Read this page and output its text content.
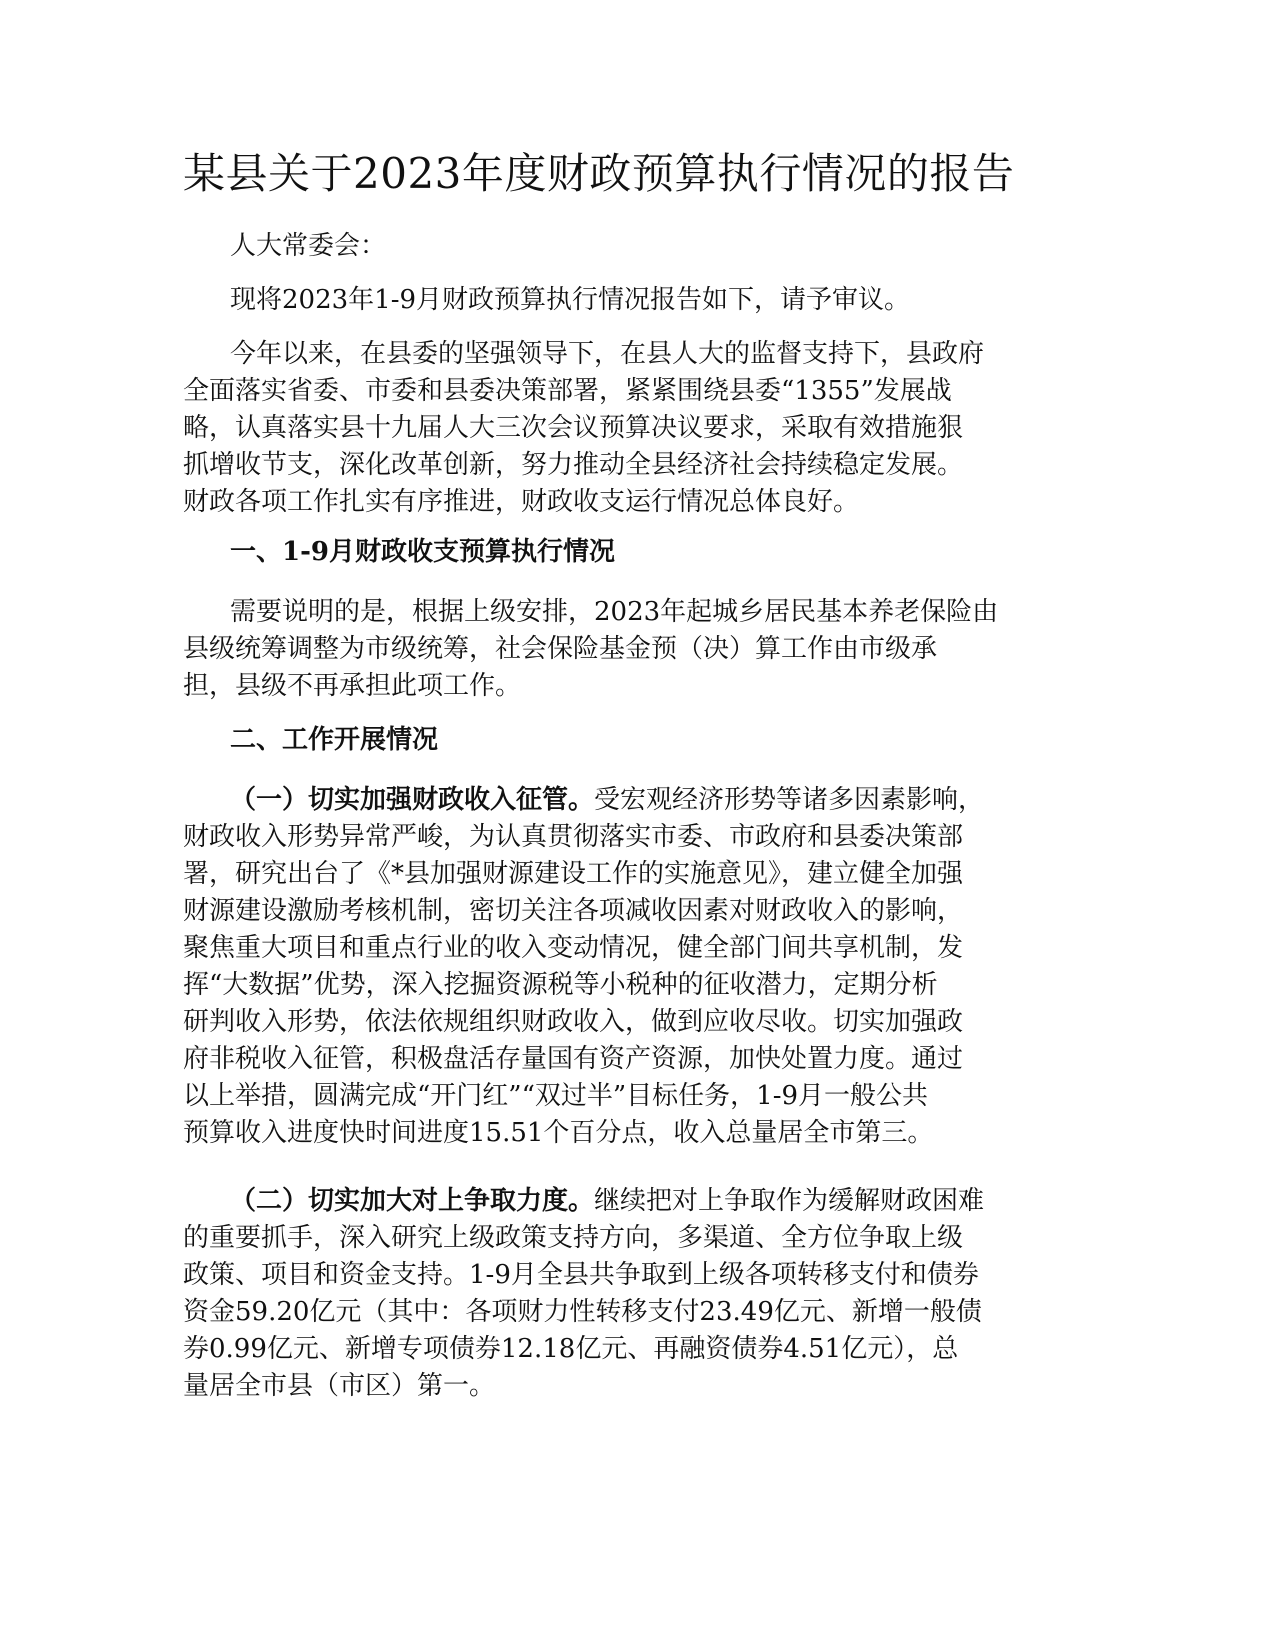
某县关于2023年度财政预算执行情况的报告

人大常委会：

现将2023年1-9月财政预算执行情况报告如下，请予审议。

今年以来，在县委的坚强领导下，在县人大的监督支持下，县政府
全面落实省委、市委和县委决策部署，紧紧围绕县委“1355”发展战
略，认真落实县十九届人大三次会议预算决议要求，采取有效措施狠
抓增收节支，深化改革创新，努力推动全县经济社会持续稳定发展。
财政各项工作扎实有序推进，财政收支运行情况总体良好。
一、1-9月财政收支预算执行情况
需要说明的是，根据上级安排，2023年起城乡居民基本养老保险由
县级统筹调整为市级统筹，社会保险基金预（决）算工作由市级承
担，县级不再承担此项工作。
二、工作开展情况
（一）切实加强财政收入征管。受宏观经济形势等诸多因素影响，
财政收入形势异常严峻，为认真贯彻落实市委、市政府和县委决策部
署，研究出台了《*县加强财源建设工作的实施意见》，建立健全加强
财源建设激励考核机制，密切关注各项减收因素对财政收入的影响，
聚焦重大项目和重点行业的收入变动情况，健全部门间共享机制，发
挥“大数据”优势，深入挖掘资源税等小税种的征收潜力，定期分析
研判收入形势，依法依规组织财政收入，做到应收尽收。切实加强政
府非税收入征管，积极盘活存量国有资产资源，加快处置力度。通过
以上举措，圆满完成“开门红”“双过半”目标任务，1-9月一般公共
预算收入进度快时间进度15.51个百分点，收入总量居全市第三。
（二）切实加大对上争取力度。继续把对上争取作为缓解财政困难
的重要抓手，深入研究上级政策支持方向，多渠道、全方位争取上级
政策、项目和资金支持。1-9月全县共争取到上级各项转移支付和债券
资金59.20亿元（其中：各项财力性转移支付23.49亿元、新增一般债
券0.99亿元、新增专项债券12.18亿元、再融资债券4.51亿元），总
量居全市县（市区）第一。
